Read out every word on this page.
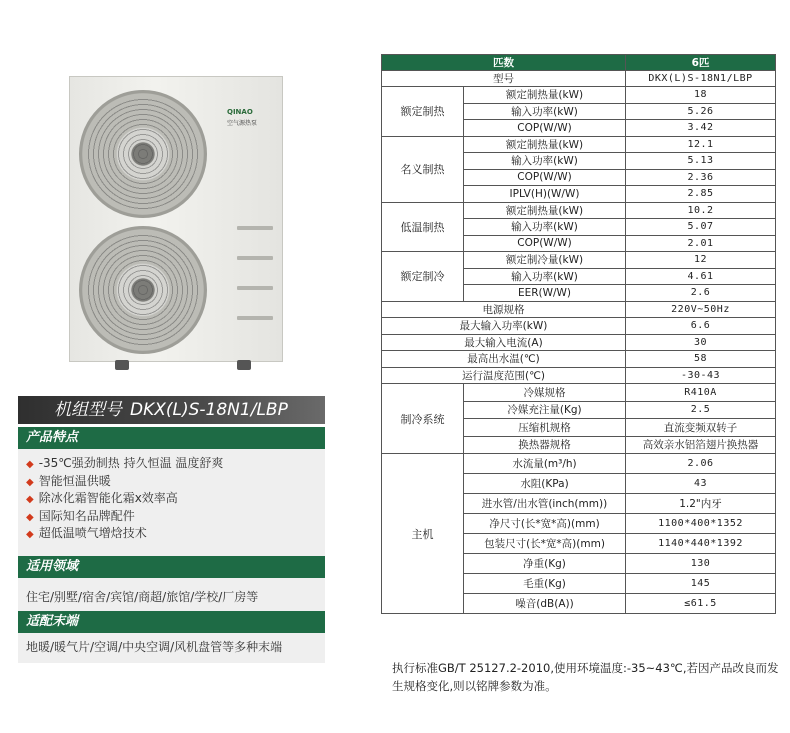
QINAO
空气源热泵
机组型号 DKX(L)S-18N1/LBP
产品特点
◆ -35℃强劲制热 持久恒温 温度舒爽
◆ 智能恒温供暖
◆ 除冰化霜智能化霜x效率高
◆ 国际知名品牌配件
◆ 超低温喷气增焓技术
适用领域
住宅/别墅/宿舍/宾馆/商超/旅馆/学校/厂房等
适配末端
地暖/暖气片/空调/中央空调/风机盘管等多种末端
匹数		6匹
型号		DKX(L)S-18N1/LBP
额定制热	额定制热量(kW)	18
	输入功率(kW)	5.26
	COP(W/W)	3.42
名义制热	额定制热量(kW)	12.1
	输入功率(kW)	5.13
	COP(W/W)	2.36
	IPLV(H)(W/W)	2.85
低温制热	额定制热量(kW)	10.2
	输入功率(kW)	5.07
	COP(W/W)	2.01
额定制冷	额定制冷量(kW)	12
	输入功率(kW)	4.61
	EER(W/W)	2.6
电源规格		220V~50Hz
最大输入功率(kW)		6.6
最大输入电流(A)		30
最高出水温(℃)		58
运行温度范围(℃)		-30-43
制冷系统	冷媒规格	R410A
	冷媒充注量(Kg)	2.5
	压缩机规格	直流变频双转子
	换热器规格	高效亲水铝箔翅片换热器
主机	水流量(m³/h)	2.06
	水阻(KPa)	43
	进水管/出水管(inch(mm))	1.2"内牙
	净尺寸(长*宽*高)(mm)	1100*400*1352
	包装尺寸(长*宽*高)(mm)	1140*440*1392
	净重(Kg)	130
	毛重(Kg)	145
	噪音(dB(A))	≤61.5
执行标准GB/T 25127.2-2010,使用环境温度:-35~43℃,若因产品改良而发生规格变化,则以铭牌参数为准。
